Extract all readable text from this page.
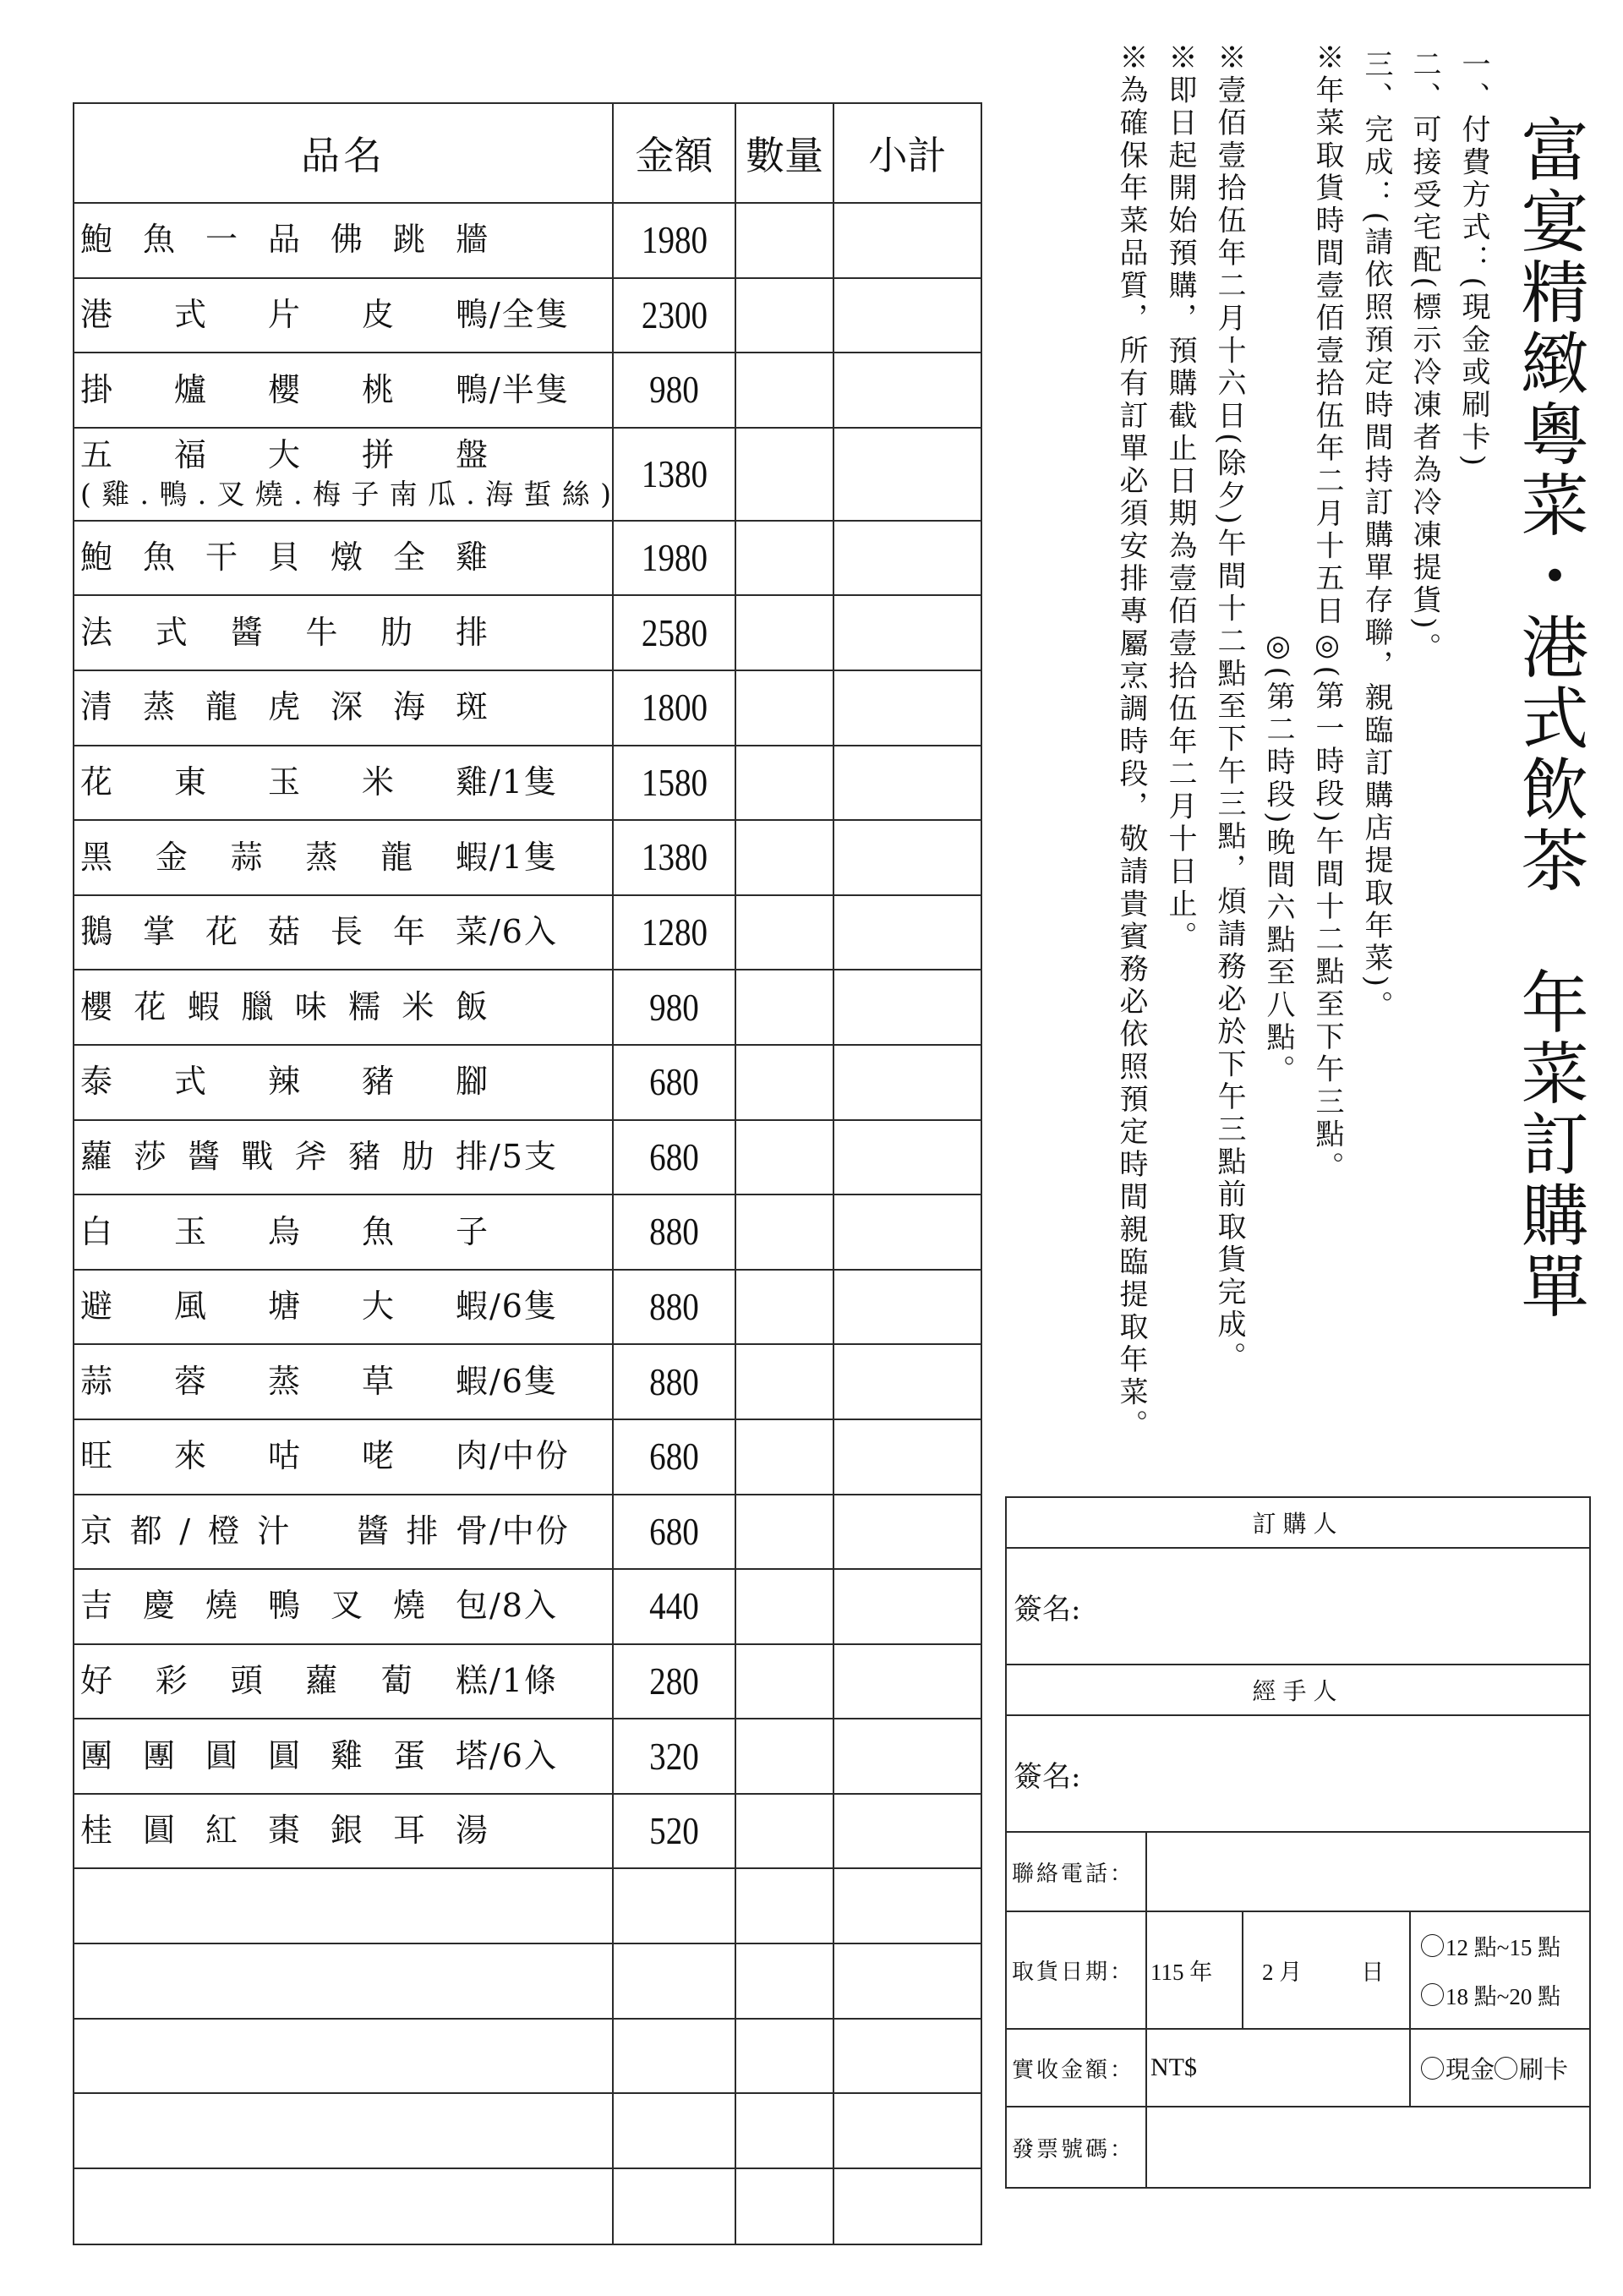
品名	金額 數量 小計
鮑魚一品佛跳牆	1980
港式片皮鴨 /全隻 2300
掛爐櫻桃鴨 /半隻 980
五福大拼盤
(雞.鴨.叉燒.梅子南瓜.海蜇絲) 1380
鮑魚干貝燉全雞	1980
法式醬牛肋排	2580
清蒸龍虎深海斑	1800
花東玉米雞 /1隻 1580
黑金蒜蒸龍蝦 /1隻 1380
鵝掌花菇長年菜 /6入 1280
櫻花蝦臘味糯米飯	980
泰式辣豬腳	680
蘿莎醬戰斧豬肋排 /5支 680
白玉烏魚子	880
避風塘大蝦 /6隻 880
蒜蓉蒸草蝦 /6隻 880
旺來咕咾肉 /中份 680
京都/橙汁　醬排骨 /中份 680
吉慶燒鴨叉燒包 /8入 440
好彩頭蘿蔔糕 /1條 280
團團圓圓雞蛋塔 /6入 320
桂圓紅棗銀耳湯	520
富宴精緻粵菜・港式飲茶　年菜訂購單
一、付費方式：(現金或刷卡)
二、可接受宅配(標示冷凍者為冷凍提貨)。
三、完成：(請依照預定時間持訂購單存聯，親臨訂購店提取年菜)。
※年菜取貨時間壹佰壹拾伍年二月十五日◎(第一時段)午間十二點至下午三點。
◎(第二時段)晚間六點至八點。
※壹佰壹拾伍年二月十六日(除夕)午間十二點至下午三點，煩請務必於下午三點前取貨完成。
※即日起開始預購，預購截止日期為壹佰壹拾伍年二月十日止。
※為確保年菜品質，所有訂單必須安排專屬烹調時段，敬請貴賓務必依照預定時間親臨提取年菜。
訂購人
簽名:
經手人
簽名:
聯絡電話：
取貨日期： 115 年	2 月	日
12 點~15 點
18 點~20 點
實收金額： NT$	現金 刷卡
發票號碼：
